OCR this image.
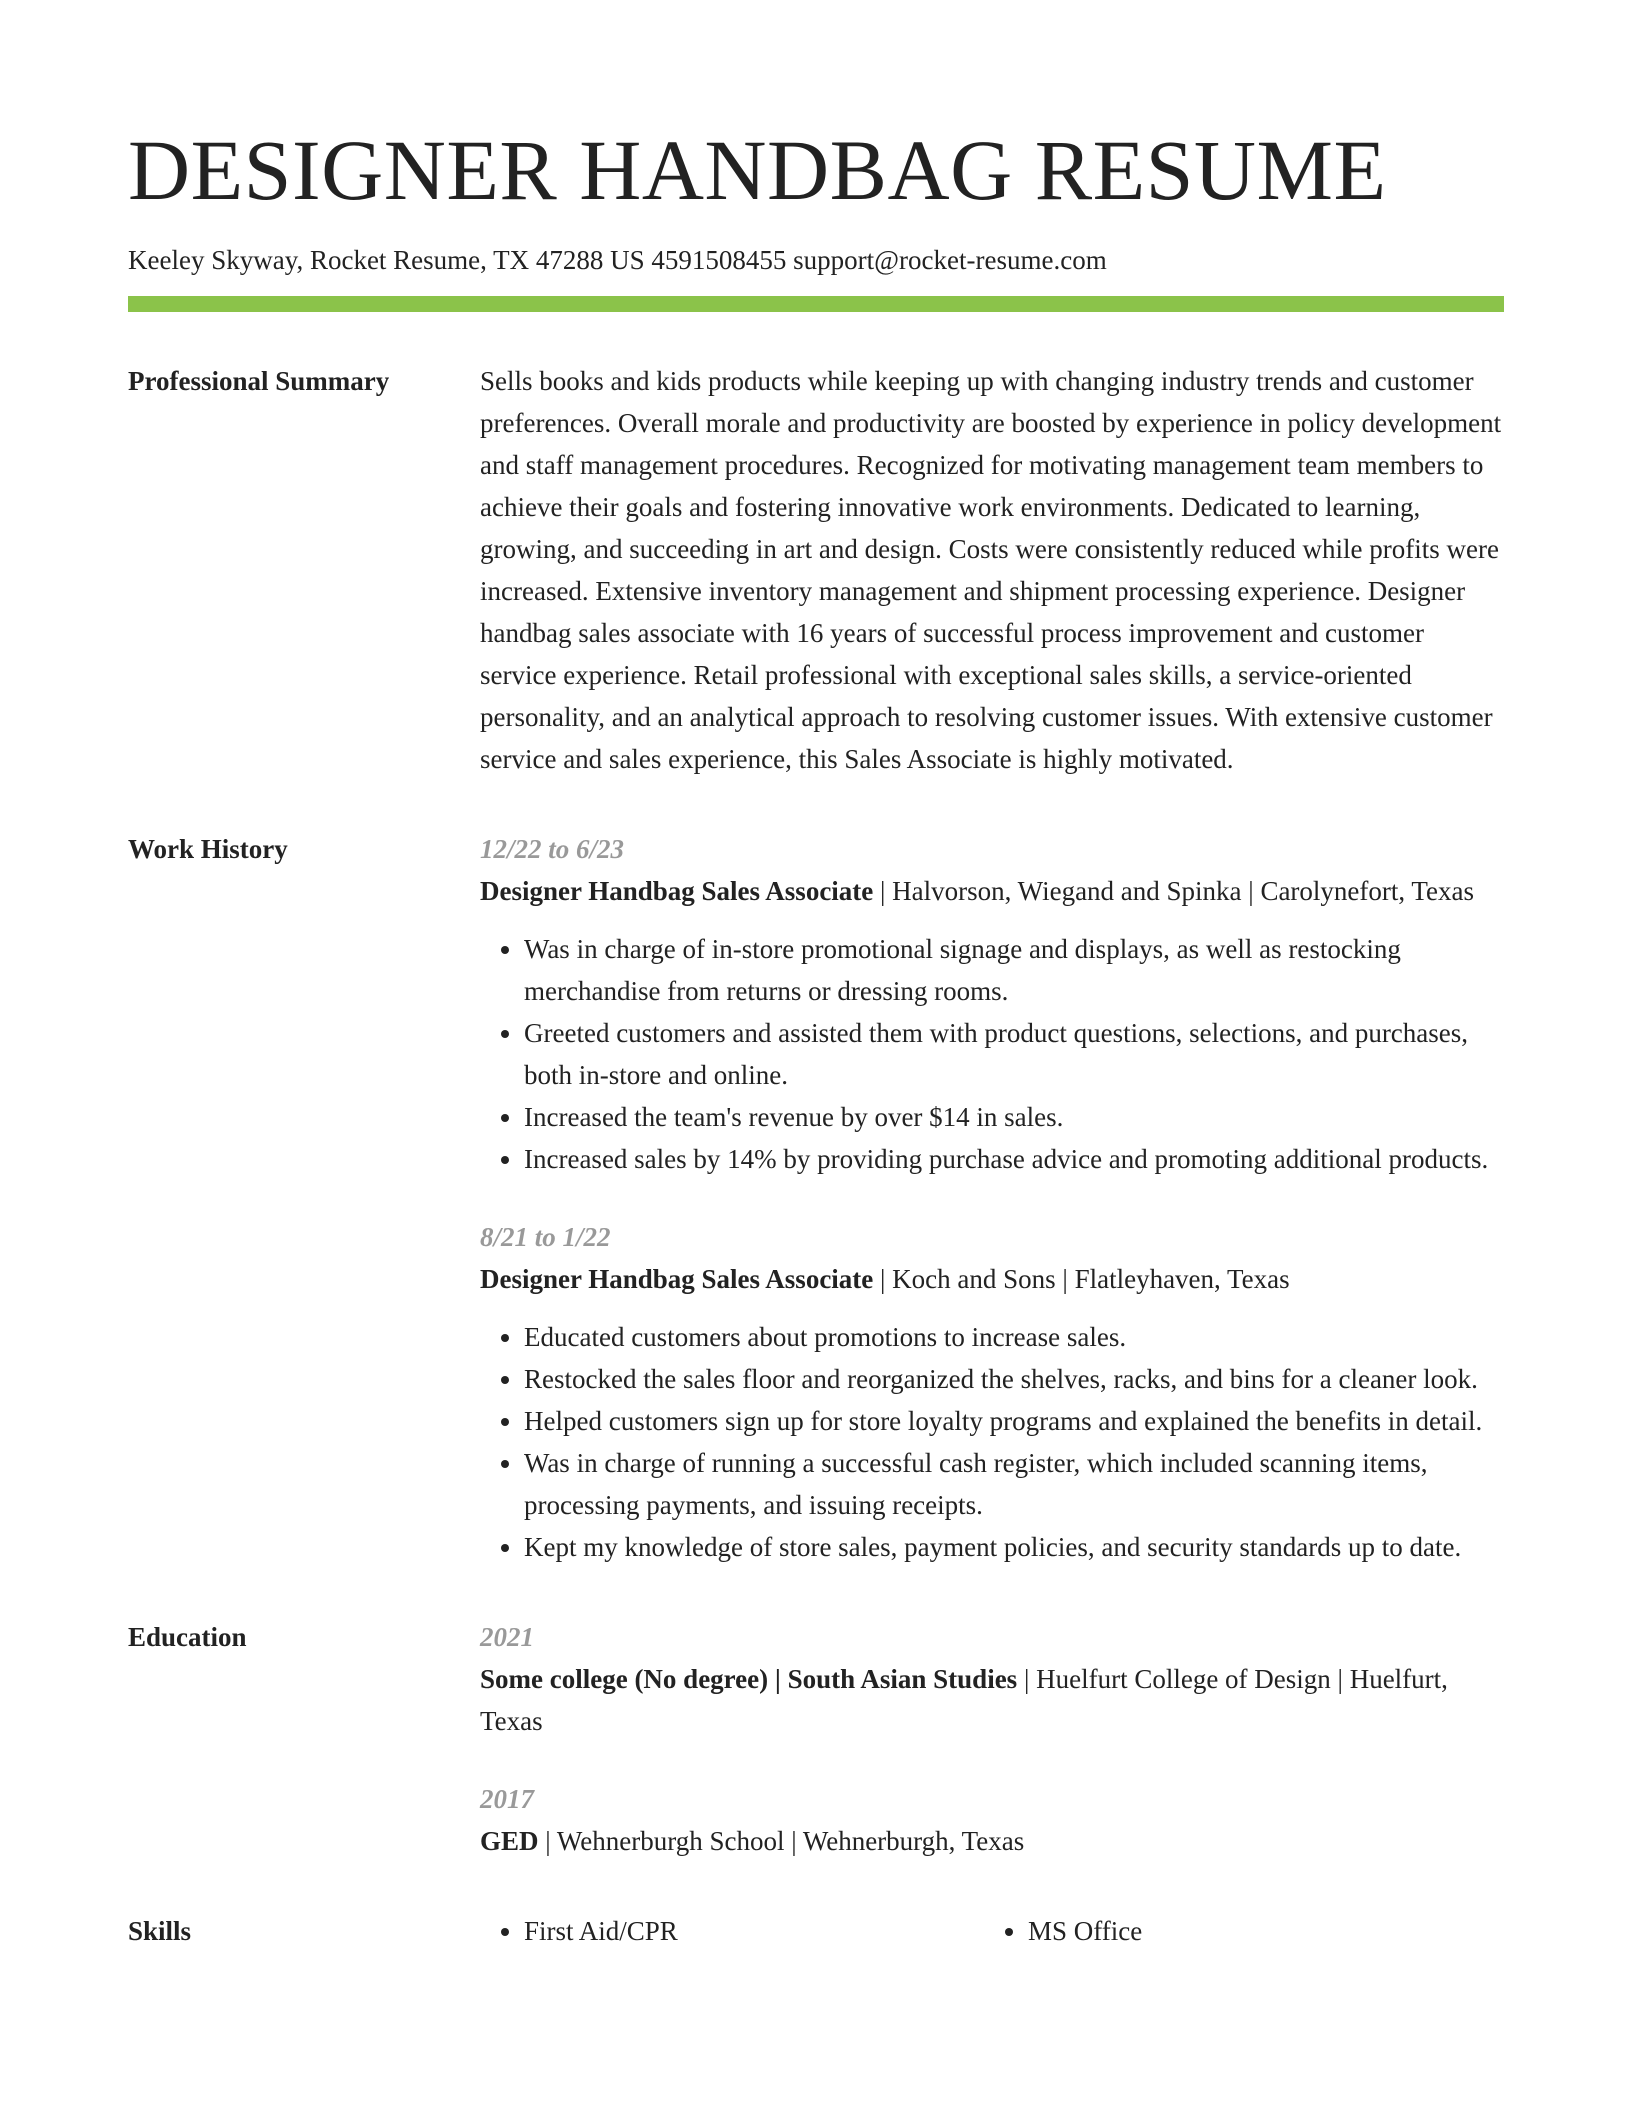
DESIGNER HANDBAG RESUME
Keeley Skyway, Rocket Resume, TX 47288 US 4591508455 support@rocket-resume.com
Professional Summary	Sells books and kids products while keeping up with changing industry trends and customer preferences. Overall morale and productivity are boosted by experience in policy development and staff management procedures. Recognized for motivating management team members to achieve their goals and fostering innovative work environments. Dedicated to learning, growing, and succeeding in art and design. Costs were consistently reduced while profits were increased. Extensive inventory management and shipment processing experience. Designer handbag sales associate with 16 years of successful process improvement and customer service experience. Retail professional with exceptional sales skills, a service-oriented personality, and an analytical approach to resolving customer issues. With extensive customer service and sales experience, this Sales Associate is highly motivated.

Work History	12/22 to 6/23

Designer Handbag Sales Associate | Halvorson, Wiegand and Spinka | Carolynefort, Texas

• Was in charge of in-store promotional signage and displays, as well as restocking merchandise from returns or dressing rooms.
• Greeted customers and assisted them with product questions, selections, and purchases, both in-store and online.
• Increased the team's revenue by over $14 in sales.
• Increased sales by 14% by providing purchase advice and promoting additional products.
8/21 to 1/22

Designer Handbag Sales Associate | Koch and Sons | Flatleyhaven, Texas

• Educated customers about promotions to increase sales.
• Restocked the sales floor and reorganized the shelves, racks, and bins for a cleaner look.
• Helped customers sign up for store loyalty programs and explained the benefits in detail.
• Was in charge of running a successful cash register, which included scanning items, processing payments, and issuing receipts.
• Kept my knowledge of store sales, payment policies, and security standards up to date.
Education	2021

Some college (No degree) | South Asian Studies | Huelfurt College of Design | Huelfurt, Texas

2017

GED | Wehnerburgh School | Wehnerburgh, Texas

Skills	• First Aid/CPR	• MS Office
